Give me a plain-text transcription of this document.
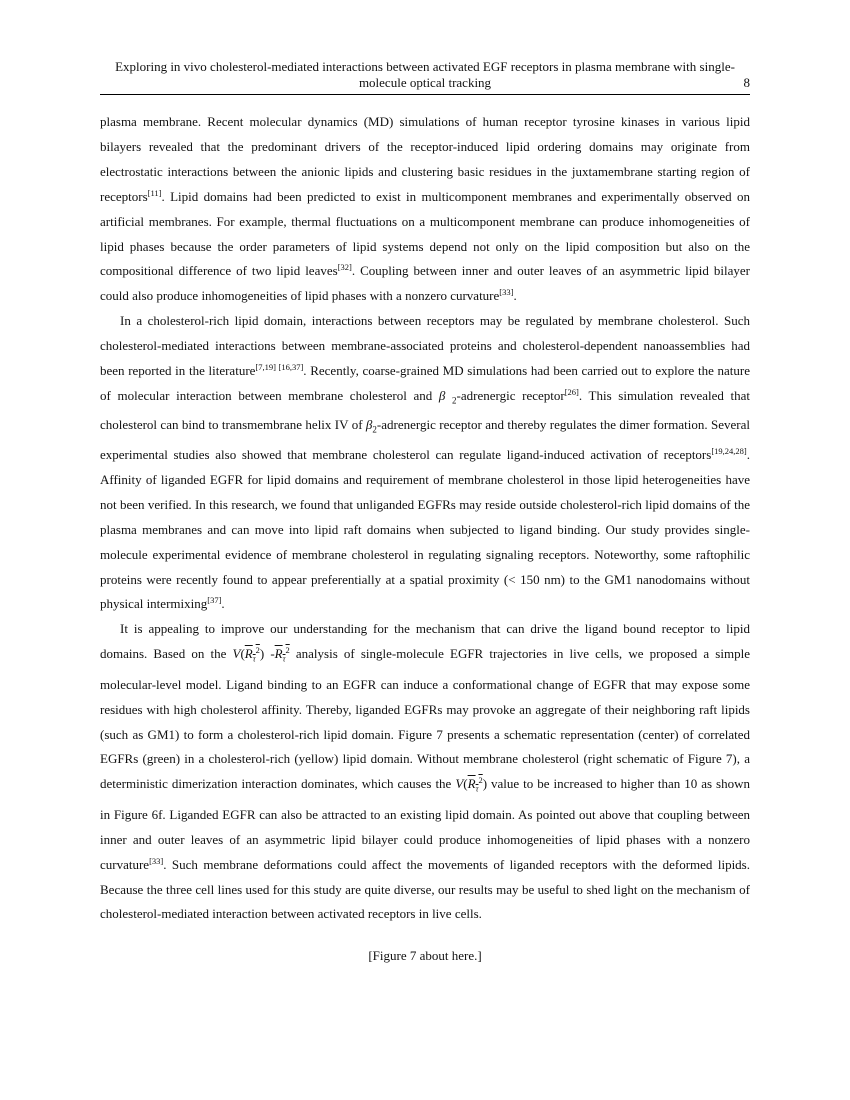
Exploring in vivo cholesterol-mediated interactions between activated EGF receptors in plasma membrane with single-molecule optical tracking	8

plasma membrane. Recent molecular dynamics (MD) simulations of human receptor tyrosine kinases in various lipid bilayers revealed that the predominant drivers of the receptor-induced lipid ordering domains may originate from electrostatic interactions between the anionic lipids and clustering basic residues in the juxtamembrane starting region of receptors[11]. Lipid domains had been predicted to exist in multicomponent membranes and experimentally observed on artificial membranes. For example, thermal fluctuations on a multicomponent membrane can produce inhomogeneities of lipid phases because the order parameters of lipid systems depend not only on the lipid composition but also on the compositional difference of two lipid leaves[32]. Coupling between inner and outer leaves of an asymmetric lipid bilayer could also produce inhomogeneities of lipid phases with a nonzero curvature[33].

In a cholesterol-rich lipid domain, interactions between receptors may be regulated by membrane cholesterol. Such cholesterol-mediated interactions between membrane-associated proteins and cholesterol-dependent nanoassemblies had been reported in the literature[7,19] [16,37]. Recently, coarse-grained MD simulations had been carried out to explore the nature of molecular interaction between membrane cholesterol and β $_2$-adrenergic receptor[26]. This simulation revealed that cholesterol can bind to transmembrane helix IV of $\beta_2$-adrenergic receptor and thereby regulates the dimer formation. Several experimental studies also showed that membrane cholesterol can regulate ligand-induced activation of receptors[19,24,28]. Affinity of liganded EGFR for lipid domains and requirement of membrane cholesterol in those lipid heterogeneities have not been verified. In this research, we found that unliganded EGFRs may reside outside cholesterol-rich lipid domains of the plasma membranes and can move into lipid raft domains when subjected to ligand binding. Our study provides single-molecule experimental evidence of membrane cholesterol in regulating signaling receptors. Noteworthy, some raftophilic proteins were recently found to appear preferentially at a spatial proximity (< 150 nm) to the GM1 nanodomains without physical intermixing[37].

It is appealing to improve our understanding for the mechanism that can drive the ligand bound receptor to lipid domains. Based on the $V(R_\tau^2)$ $-R_\tau^2$ analysis of single-molecule EGFR trajectories in live cells, we proposed a simple molecular-level model. Ligand binding to an EGFR can induce a conformational change of EGFR that may expose some residues with high cholesterol affinity. Thereby, liganded EGFRs may provoke an aggregate of their neighboring raft lipids (such as GM1) to form a cholesterol-rich lipid domain. Figure 7 presents a schematic representation (center) of correlated EGFRs (green) in a cholesterol-rich (yellow) lipid domain. Without membrane cholesterol (right schematic of Figure 7), a deterministic dimerization interaction dominates, which causes the $V(R_\tau^2)$ value to be increased to higher than 10 as shown in Figure 6f. Liganded EGFR can also be attracted to an existing lipid domain. As pointed out above that coupling between inner and outer leaves of an asymmetric lipid bilayer could produce inhomogeneities of lipid phases with a nonzero curvature[33]. Such membrane deformations could affect the movements of liganded receptors with the deformed lipids. Because the three cell lines used for this study are quite diverse, our results may be useful to shed light on the mechanism of cholesterol-mediated interaction between activated receptors in live cells.

[Figure 7 about here.]
